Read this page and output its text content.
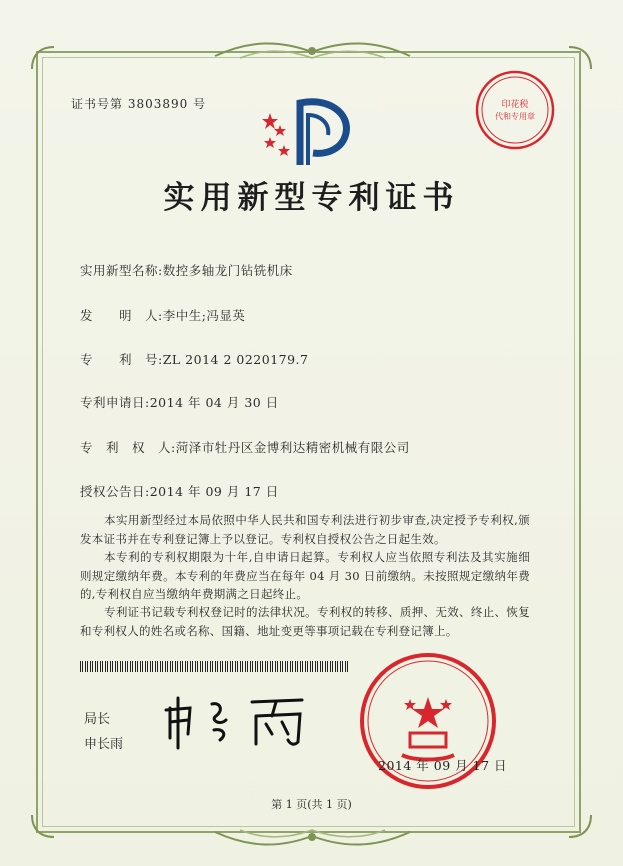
证书号第 3803890 号	印花税
代和专用章
实用新型专利证书
实用新型名称:数控多轴龙门钻铣机床
发　　明　人:李中生;冯显英
专　　利　号:ZL 2014 2 0220179.7
专利申请日:2014 年 04 月 30 日
专　利　权　人:菏泽市牡丹区金博利达精密机械有限公司
授权公告日:2014 年 09 月 17 日
本实用新型经过本局依照中华人民共和国专利法进行初步审查,决定授予专利权,颁发本证书并在专利登记簿上予以登记。专利权自授权公告之日起生效。
本专利的专利权期限为十年,自申请日起算。专利权人应当依照专利法及其实施细则规定缴纳年费。本专利的年费应当在每年 04 月 30 日前缴纳。未按照规定缴纳年费的,专利权自应当缴纳年费期满之日起终止。
专利证书记载专利权登记时的法律状况。专利权的转移、质押、无效、终止、恢复和专利权人的姓名或名称、国籍、地址变更等事项记载在专利登记簿上。
局长
申长雨
2014 年 09 月 17 日
第 1 页(共 1 页)
